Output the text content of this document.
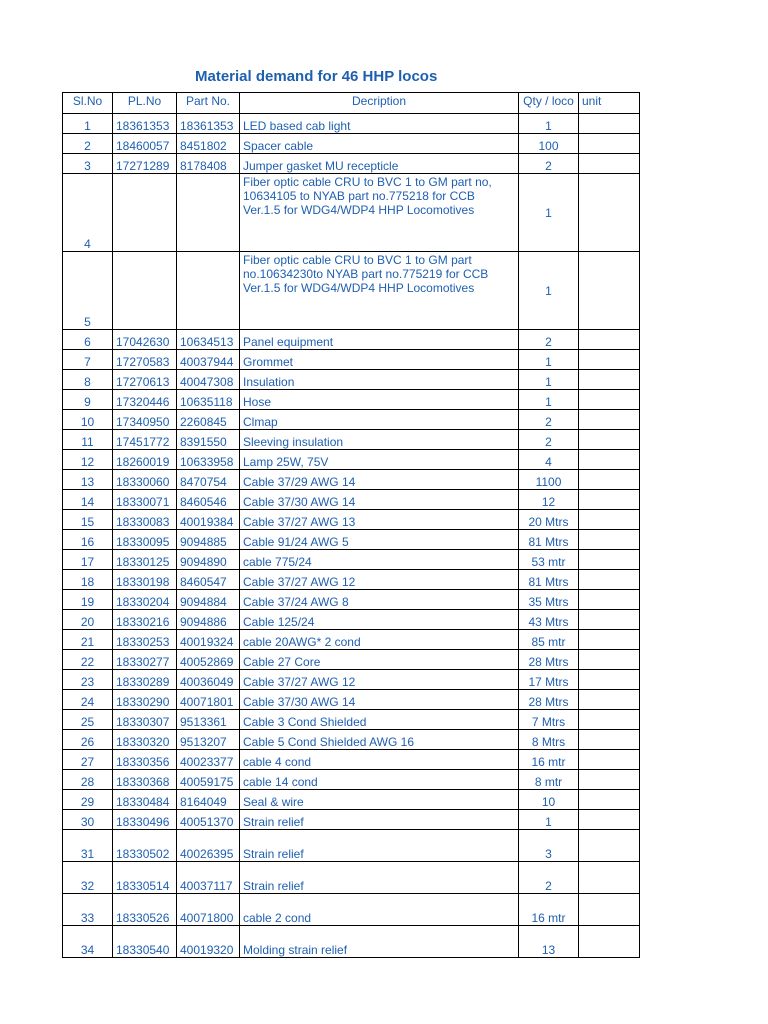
Material demand for 46 HHP locos
Sl.No	PL.No	Part No.	Decription	Qty / loco	unit
1	18361353	18361353	LED based cab light	1	
2	18460057	8451802	Spacer cable	100	
3	17271289	8178408	Jumper gasket MU recepticle	2	
4			Fiber optic cable CRU to BVC 1 to GM part no, 10634105 to NYAB part no.775218 for CCB Ver.1.5 for WDG4/WDP4 HHP Locomotives	1	
5			Fiber optic cable CRU to BVC 1 to GM part no.10634230to NYAB part no.775219 for CCB Ver.1.5 for WDG4/WDP4 HHP Locomotives	1	
6	17042630	10634513	Panel equipment	2	
7	17270583	40037944	Grommet	1	
8	17270613	40047308	Insulation	1	
9	17320446	10635118	Hose	1	
10	17340950	2260845	Clmap	2	
11	17451772	8391550	Sleeving insulation	2	
12	18260019	10633958	Lamp 25W, 75V	4	
13	18330060	8470754	Cable 37/29 AWG 14	1100	
14	18330071	8460546	Cable 37/30 AWG 14	12	
15	18330083	40019384	Cable 37/27 AWG 13	20 Mtrs	
16	18330095	9094885	Cable 91/24 AWG 5	81 Mtrs	
17	18330125	9094890	cable 775/24	53 mtr	
18	18330198	8460547	Cable 37/27 AWG 12	81 Mtrs	
19	18330204	9094884	Cable 37/24 AWG 8	35 Mtrs	
20	18330216	9094886	Cable 125/24	43 Mtrs	
21	18330253	40019324	cable 20AWG* 2 cond	85 mtr	
22	18330277	40052869	Cable 27 Core	28 Mtrs	
23	18330289	40036049	Cable 37/27 AWG 12	17 Mtrs	
24	18330290	40071801	Cable 37/30 AWG 14	28 Mtrs	
25	18330307	9513361	Cable 3 Cond Shielded	7 Mtrs	
26	18330320	9513207	Cable 5 Cond Shielded AWG 16	8 Mtrs	
27	18330356	40023377	cable 4 cond	16 mtr	
28	18330368	40059175	cable 14 cond	8 mtr	
29	18330484	8164049	Seal & wire	10	
30	18330496	40051370	Strain relief	1	
31	18330502	40026395	Strain relief	3	
32	18330514	40037117	Strain relief	2	
33	18330526	40071800	cable 2 cond	16 mtr	
34	18330540	40019320	Molding strain relief	13	
